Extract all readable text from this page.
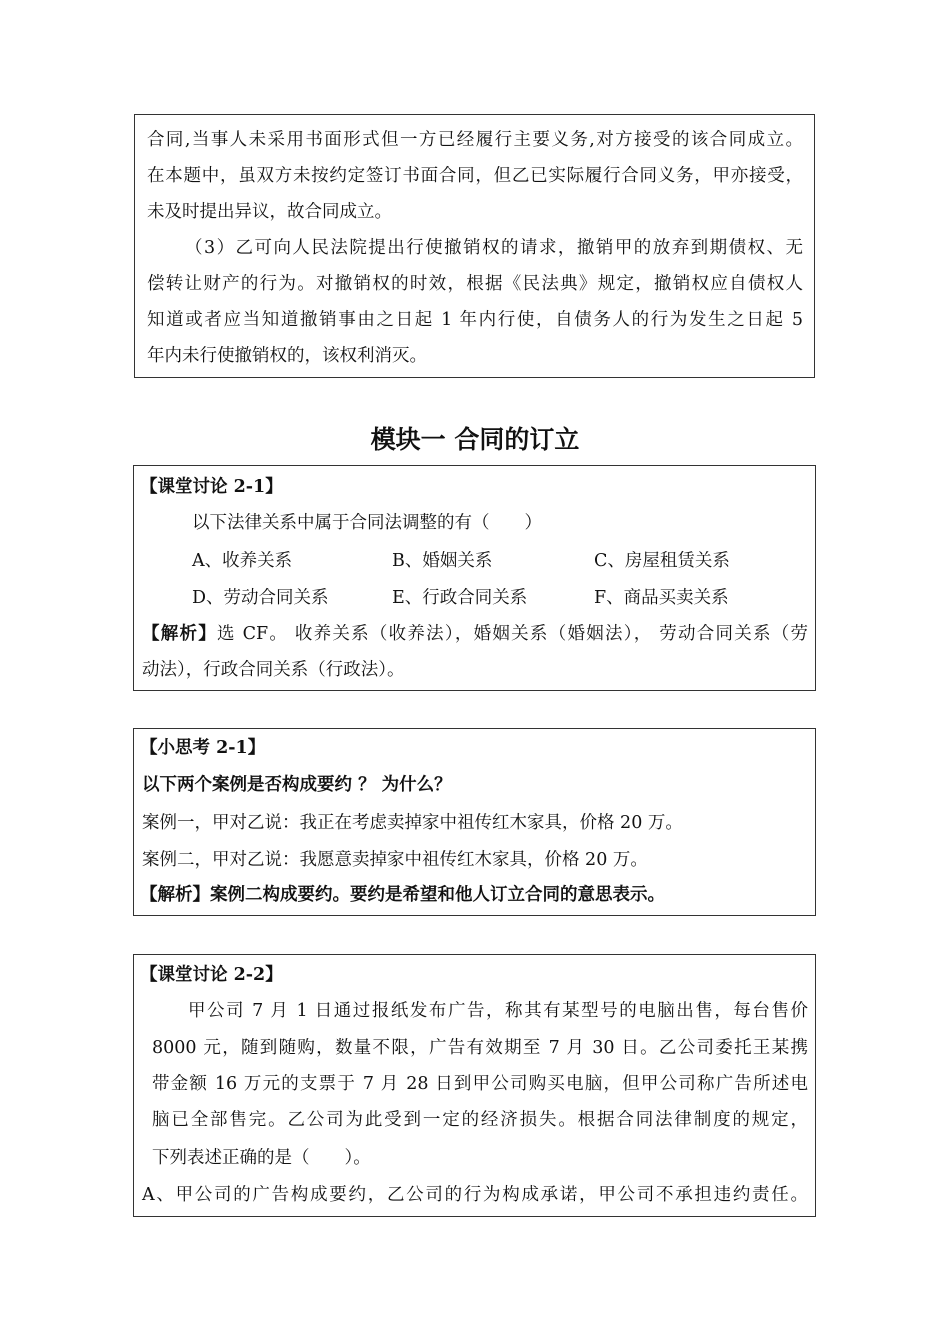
合同,当事人未采用书面形式但一方已经履行主要义务,对方接受的该合同成立。
在本题中，虽双方未按约定签订书面合同，但乙已实际履行合同义务，甲亦接受，
未及时提出异议，故合同成立。
（3）乙可向人民法院提出行使撤销权的请求，撤销甲的放弃到期债权、无
偿转让财产的行为。对撤销权的时效，根据《民法典》规定，撤销权应自债权人
知道或者应当知道撤销事由之日起 1 年内行使，自债务人的行为发生之日起 5
年内未行使撤销权的，该权利消灭。
模块一 合同的订立
【课堂讨论 2-1】
以下法律关系中属于合同法调整的有（　　）
A、收养关系	B、婚姻关系	C、房屋租赁关系
D、劳动合同关系	E、行政合同关系	F、商品买卖关系
【解析】选 CF。 收养关系（收养法），婚姻关系（婚姻法）， 劳动合同关系（劳
动法），行政合同关系（行政法）。
【小思考 2-1】
以下两个案例是否构成要约 ？ 为什么？
案例一，甲对乙说：我正在考虑卖掉家中祖传红木家具，价格 20 万。
案例二，甲对乙说：我愿意卖掉家中祖传红木家具，价格 20 万。
【解析】案例二构成要约。要约是希望和他人订立合同的意思表示。
【课堂讨论 2-2】
甲公司 7 月 1 日通过报纸发布广告，称其有某型号的电脑出售，每台售价
8000 元，随到随购，数量不限，广告有效期至 7 月 30 日。乙公司委托王某携
带金额 16 万元的支票于 7 月 28 日到甲公司购买电脑，但甲公司称广告所述电
脑已全部售完。乙公司为此受到一定的经济损失。根据合同法律制度的规定，
下列表述正确的是（　　）。
A、甲公司的广告构成要约，乙公司的行为构成承诺，甲公司不承担违约责任。
